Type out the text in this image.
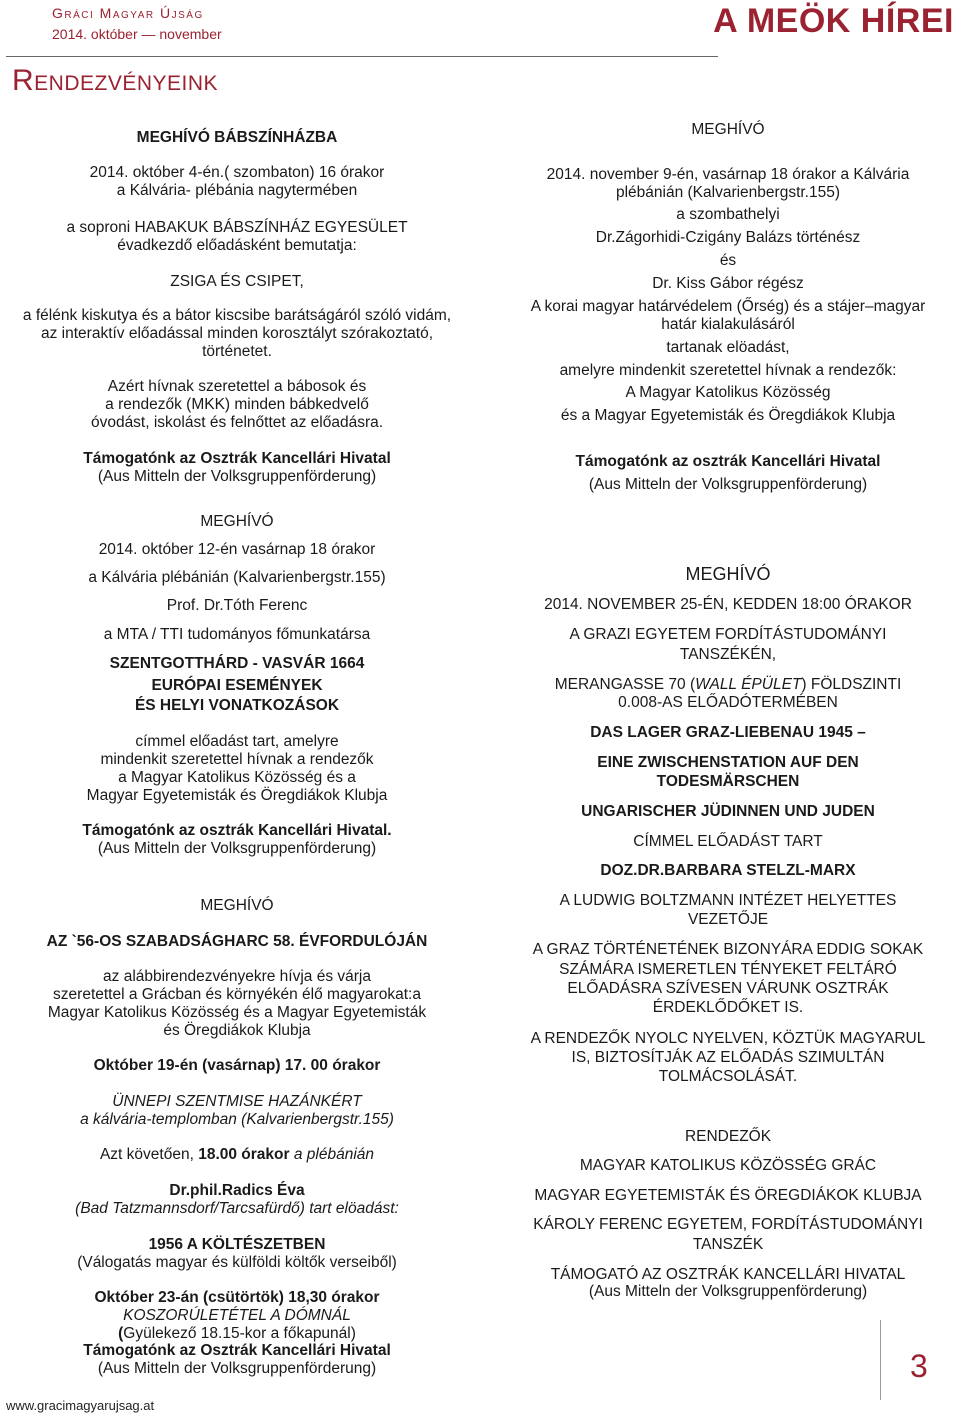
Gráci Magyar Újság
2014. október — november	A MEÖK HÍREI
Rendezvényeink
MEGHÍVÓ BÁBSZÍNHÁZBA
2014. október 4-én.( szombaton) 16 órakor
a Kálvária- plébánia nagytermében
a soproni HABAKUK BÁBSZÍNHÁZ EGYESÜLET
évadkezdő előadásként bemutatja:
ZSIGA ÉS CSIPET,
a félénk kiskutya és a bátor kiscsibe barátságáról szóló vidám,
az interaktív előadással minden korosztályt szórakoztató,
történetet.
Azért hívnak szeretettel a bábosok és
a rendezők (MKK) minden bábkedvelő
óvodást, iskolást és felnőttet az előadásra.
Támogatónk az Osztrák Kancellári Hivatal
(Aus Mitteln der Volksgruppenförderung)
MEGHÍVÓ
2014. október 12-én vasárnap 18 órakor
a Kálvária plébánián (Kalvarienbergstr.155)
Prof. Dr.Tóth Ferenc
a MTA / TTI tudományos főmunkatársa
SZENTGOTTHÁRD - VASVÁR 1664
EURÓPAI ESEMÉNYEK
ÉS HELYI VONATKOZÁSOK
címmel előadást tart, amelyre
mindenkit szeretettel hívnak a rendezők
a Magyar Katolikus Közösség és a
Magyar Egyetemisták és Öregdiákok Klubja
Támogatónk az osztrák Kancellári Hivatal.
(Aus Mitteln der Volksgruppenförderung)
MEGHÍVÓ
AZ `56-OS SZABADSÁGHARC 58. ÉVFORDULÓJÁN
az alábbirendezvényekre hívja és várja
szeretettel a Grácban és környékén élő magyarokat:a
Magyar Katolikus Közösség és a Magyar Egyetemisták
és Öregdiákok Klubja
Október 19-én (vasárnap) 17. 00 órakor
ÜNNEPI SZENTMISE HAZÁNKÉRT
a kálvária-templomban (Kalvarienbergstr.155)
Azt követően, 18.00 órakor a plébánián
Dr.phil.Radics Éva
(Bad Tatzmannsdorf/Tarcsafürdő) tart elöadást:
1956 A KÖLTÉSZETBEN
(Válogatás magyar és külföldi költők verseiből)
Október 23-án (csütörtök) 18,30 órakor
KOSZORÚLETÉTEL A DÓMNÁL
(Gyülekező 18.15-kor a főkapunál)
Támogatónk az Osztrák Kancellári Hivatal
(Aus Mitteln der Volksgruppenförderung)
MEGHÍVÓ
2014. november 9-én, vasárnap 18 órakor a Kálvária
plébánián (Kalvarienbergstr.155)
a szombathelyi
Dr.Zágorhidi-Czigány Balázs történész
és
Dr. Kiss Gábor régész
A korai magyar határvédelem (Őrség) és a stájer–magyar
határ kialakulásáról
tartanak elöadást,
amelyre mindenkit szeretettel hívnak a rendezők:
A Magyar Katolikus Közösség
és a Magyar Egyetemisták és Öregdiákok Klubja
Támogatónk az osztrák Kancellári Hivatal
(Aus Mitteln der Volksgruppenförderung)
MEGHÍVÓ
2014. NOVEMBER 25-ÉN, KEDDEN 18:00 ÓRAKOR
A GRAZI EGYETEM FORDÍTÁSTUDOMÁNYI
TANSZÉKÉN,
MERANGASSE 70 (WALL ÉPÜLET) FÖLDSZINTI
0.008-AS ELŐADÓTERMÉBEN
DAS LAGER GRAZ-LIEBENAU 1945 –
EINE ZWISCHENSTATION AUF DEN
TODESMÄRSCHEN
UNGARISCHER JÜDINNEN UND JUDEN
CÍMMEL ELŐADÁST TART
DOZ.DR.BARBARA STELZL-MARX
A LUDWIG BOLTZMANN INTÉZET HELYETTES
VEZETŐJE
A GRAZ TÖRTÉNETÉNEK BIZONYÁRA EDDIG SOKAK
SZÁMÁRA ISMERETLEN TÉNYEKET FELTÁRÓ
ELŐADÁSRA SZÍVESEN VÁRUNK OSZTRÁK
ÉRDEKLŐDŐKET IS.
A RENDEZŐK NYOLC NYELVEN, KÖZTÜK MAGYARUL
IS, BIZTOSÍTJÁK AZ ELŐADÁS SZIMULTÁN
TOLMÁCSOLÁSÁT.
RENDEZŐK
MAGYAR KATOLIKUS KÖZÖSSÉG GRÁC
MAGYAR EGYETEMISTÁK ÉS ÖREGDIÁKOK KLUBJA
KÁROLY FERENC EGYETEM, FORDÍTÁSTUDOMÁNYI
TANSZÉK
TÁMOGATÓ AZ OSZTRÁK KANCELLÁRI HIVATAL
(Aus Mitteln der Volksgruppenförderung)
3
www.gracimagyarujsag.at
